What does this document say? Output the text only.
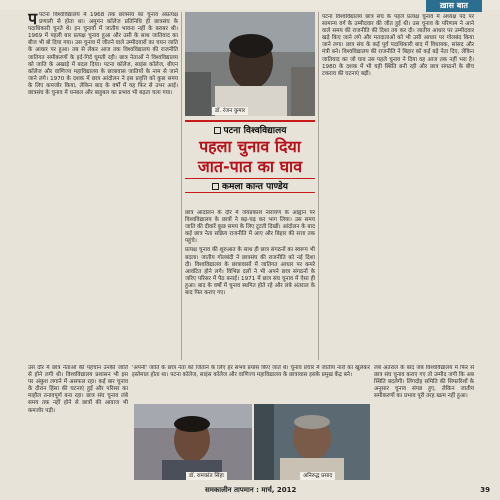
ख़ास बात
प पटना विश्वविद्यालय में 1968 तक छात्रसंघ का चुनाव अप्रत्यक्ष प्रणाली से होता था। अमूमन कॉलेज प्रतिनिधि ही छात्रसंघ के पदाधिकारी चुनते थे। इन चुनावों में जातीय भावना नहीं के बराबर थी। 1969 में पहली बार प्रत्यक्ष चुनाव हुआ और उसी के साथ जातिवाद का बीज भी बो दिया गया। उस चुनाव में जीतने वाले उम्मीदवारों का चयन जाति के आधार पर हुआ। तब से लेकर आज तक विश्वविद्यालय की राजनीति जातिगत समीकरणों के इर्द-गिर्द घूमती रही। छात्र नेताओं ने विश्वविद्यालय को जाति के अखाड़े में बदल दिया। पटना कॉलेज, साइंस कॉलेज, बीएन कॉलेज और वाणिज्य महाविद्यालय के छात्रावास जातियों के नाम से जाने जाने लगे। 1970 के दशक में छात्र आंदोलन ने इस प्रवृत्ति को कुछ समय के लिए कमजोर किया, लेकिन बाद के वर्षों में यह फिर से उभर आई। छात्रसंघ के चुनाव में धनबल और बाहुबल का प्रभाव भी बढ़ता चला गया।

डॉ. रंजन कुमार
पटना विश्वविद्यालय
पहला चुनाव दिया
जात-पात का घाव
कमला कान्त पाण्डेय

छात्र आंदोलन के दौर में जयप्रकाश नारायण के आह्वान पर विश्वविद्यालय के छात्रों ने बढ़-चढ़ कर भाग लिया। उस समय जाति की दीवारें कुछ समय के लिए टूटती दिखीं। आंदोलन के बाद कई छात्र नेता सक्रिय राजनीति में आए और बिहार की सत्ता तक पहुंचे।

प्रत्यक्ष चुनाव की शुरुआत के साथ ही छात्र संगठनों का स्वरूप भी बदला। जातीय गोलबंदी ने छात्रसंघ की राजनीति को नई दिशा दी। विश्वविद्यालय के छात्रावासों में जातिगत आधार पर कमरे आवंटित होने लगे। विभिन्न दलों ने भी अपने छात्र संगठनों के जरिए परिसर में पैठ बनाई। 1971 में छात्र संघ चुनाव में ऐसा ही हुआ। बाद के वर्षों में चुनाव स्थगित होते रहे और लंबे अंतराल के बाद फिर कराए गए।

पटना विश्वविद्यालय छात्र संघ के पहले प्रत्यक्ष चुनाव में अध्यक्ष पद पर सामान्य वर्ग के उम्मीदवार की जीत हुई थी। उस चुनाव के परिणाम ने आने वाले समय की राजनीति की दिशा तय कर दी। जातीय आधार पर उम्मीदवार खड़े किए जाने लगे और मतदाताओं को भी उसी आधार पर गोलबंद किया जाने लगा। छात्र संघ के कई पूर्व पदाधिकारी बाद में विधायक, सांसद और मंत्री बने। विश्वविद्यालय की राजनीति ने बिहार को कई बड़े नेता दिए, लेकिन जातिवाद का जो घाव उस पहले चुनाव ने दिया वह आज तक नहीं भरा है। 1980 के दशक में भी यही स्थिति बनी रही और छात्र संगठनों के बीच टकराव की घटनाएं बढ़ीं।

उस दौर में छात्र नेताओं की पहचान उनकी जाति से होने लगी थी। विश्वविद्यालय प्रशासन भी इस पर अंकुश लगाने में असफल रहा। कई बार चुनाव के दौरान हिंसा की घटनाएं हुईं और परिसर का माहौल तनावपूर्ण बना रहा। छात्र संघ चुनाव लंबे समय तक नहीं होने से छात्रों की आवाज भी कमजोर पड़ी।

'अपनी' जाति के छात्र नेता को जिताने के लिए हर संभव प्रयास किए जाते थे। चुनाव प्रचार में जातीय नारों का खुलकर इस्तेमाल होता था। पटना कॉलेज, साइंस कॉलेज और वाणिज्य महाविद्यालय के छात्रावास इसके प्रमुख केंद्र बने।

डॉ. रामकांत सिंहा	अनिरुद्ध प्रसाद

लंबे अंतराल के बाद जब विश्वविद्यालय में फिर से छात्र संघ चुनाव कराए गए तो उम्मीद जगी कि अब स्थिति बदलेगी। लिंगदोह समिति की सिफारिशों के अनुसार चुनाव संपन्न हुए, लेकिन जातीय समीकरणों का प्रभाव पूरी तरह खत्म नहीं हुआ।

समकालीन तापमान : मार्च, 2012	39
